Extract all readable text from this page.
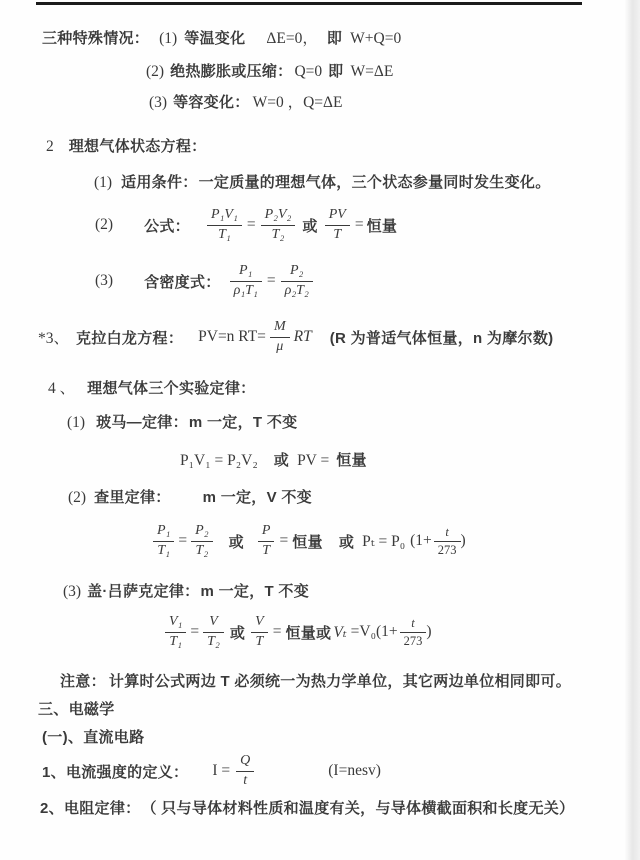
三种特殊情况： (1) 等温变化 ΔE=0， 即 W+Q=0
(2) 绝热膨胀或压缩： Q=0 即 W=ΔE
(3) 等容变化： W=0 ，Q=ΔE
2 理想气体状态方程：
(1) 适用条件： 一定质量的理想气体，三个状态参量同时发生变化。
(2) 公式： $\frac{\text{P₁V₁}}{\text{T₁}} = \frac{\text{P₂V₂}}{\text{T₂}}$ 或 $\frac{PV}{T}$ = 恒量
(3) 含密度式： $\frac{\text{P₁}}{\text{ρ₁T₁}} = \frac{\text{P₂}}{\text{ρ₂T₂}}$
*3、 克拉白龙方程： PV=n $RT= \frac{M}{\mu}$ RT (R 为普适气体恒量，n 为摩尔数)
4 、 理想气体三个实验定律：
(1) 玻马—定律： m 一定，T 不变
P₁V₁ = P₂V₂ 或 PV = 恒量
(2) 查里定律： m 一定，V 不变
$\frac{\text{P₁}}{\text{T₁}} = \frac{\text{P₂}}{\text{T₂}}$ 或 $\frac{P}{T}$ = 恒量 或 Pₜ = P₀ ($1+ \frac{t}{273}$ )
(3) 盖·吕萨克定律： m 一定，T 不变
$\frac{\text{V₁}}{\text{T₁}} = \frac{V}{\text{T₂}}$ 或 $\frac{V}{T}$ = 恒量或 $V_t =V_0(1+ \frac{t}{273}$ )
注意： 计算时公式两边 T 必须统一为热力学单位，其它两边单位相同即可。
三、电磁学
(一)、直流电路
1、 电流强度的定义： $I = \frac{Q}{t}$	(I=nesv)
2、 电阻定律： （ 只与导体材料性质和温度有关，与导体横截面积和长度无关）
